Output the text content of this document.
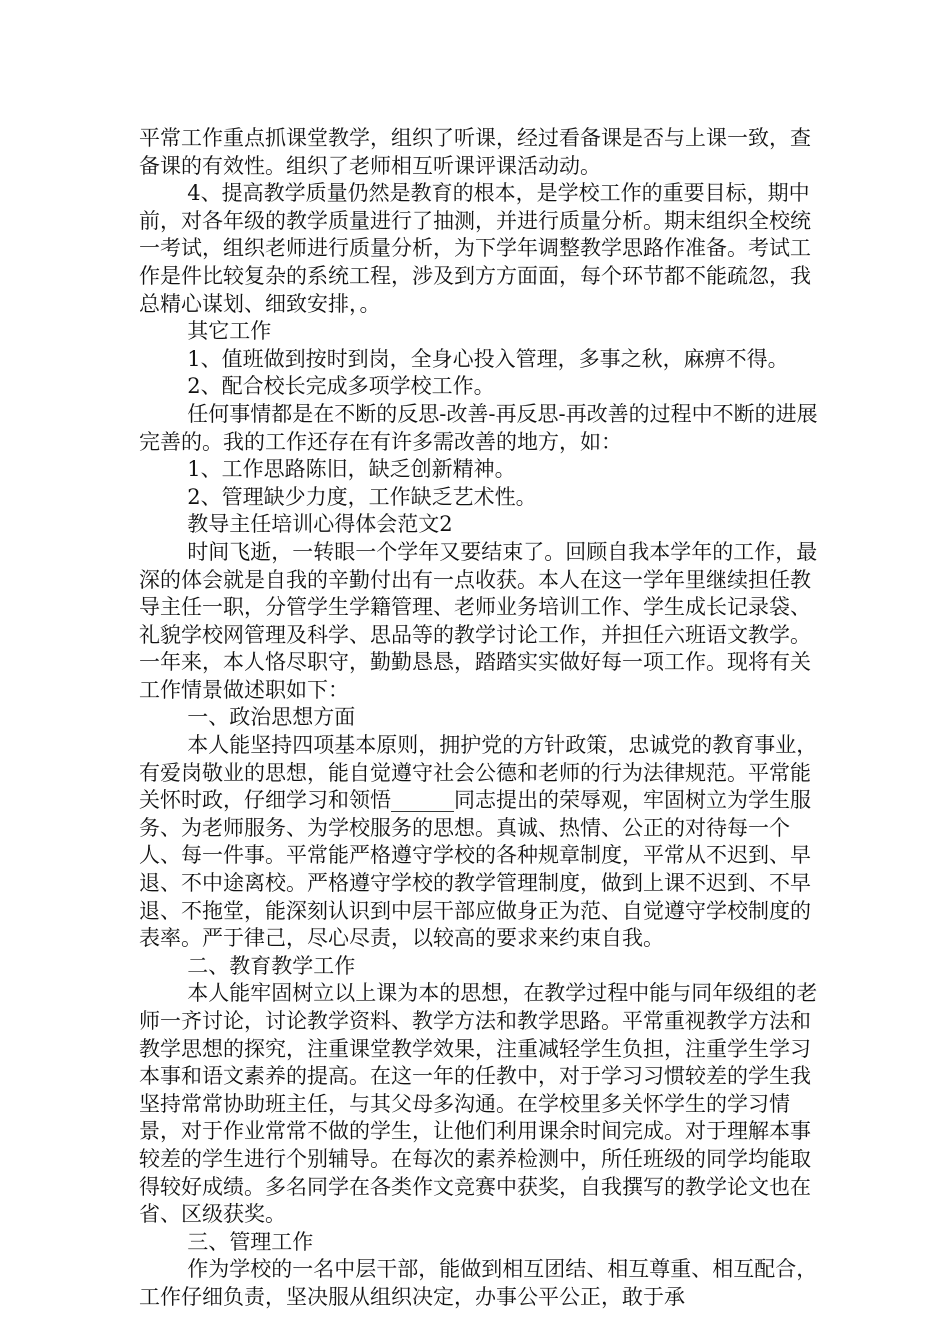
平常工作重点抓课堂教学，组织了听课，经过看备课是否与上课一致，查备课的有效性。组织了老师相互听课评课活动动。

4、提高教学质量仍然是教育的根本，是学校工作的重要目标，期中前，对各年级的教学质量进行了抽测，并进行质量分析。期末组织全校统一考试，组织老师进行质量分析，为下学年调整教学思路作准备。考试工作是件比较复杂的系统工程，涉及到方方面面，每个环节都不能疏忽，我总精心谋划、细致安排，。

其它工作

1、值班做到按时到岗，全身心投入管理，多事之秋，麻痹不得。

2、配合校长完成多项学校工作。

任何事情都是在不断的反思-改善-再反思-再改善的过程中不断的进展完善的。我的工作还存在有许多需改善的地方，如：

1、工作思路陈旧，缺乏创新精神。

2、管理缺少力度，工作缺乏艺术性。

教导主任培训心得体会范文2

时间飞逝，一转眼一个学年又要结束了。回顾自我本学年的工作，最深的体会就是自我的辛勤付出有一点收获。本人在这一学年里继续担任教导主任一职，分管学生学籍管理、老师业务培训工作、学生成长记录袋、礼貌学校网管理及科学、思品等的教学讨论工作，并担任六班语文教学。一年来，本人恪尽职守，勤勤恳恳，踏踏实实做好每一项工作。现将有关工作情景做述职如下：

一、政治思想方面

本人能坚持四项基本原则，拥护党的方针政策，忠诚党的教育事业，有爱岗敬业的思想，能自觉遵守社会公德和老师的行为法律规范。平常能关怀时政，仔细学习和领悟______同志提出的荣辱观，牢固树立为学生服务、为老师服务、为学校服务的思想。真诚、热情、公正的对待每一个人、每一件事。平常能严格遵守学校的各种规章制度，平常从不迟到、早退、不中途离校。严格遵守学校的教学管理制度，做到上课不迟到、不早退、不拖堂，能深刻认识到中层干部应做身正为范、自觉遵守学校制度的表率。严于律己，尽心尽责，以较高的要求来约束自我。

二、教育教学工作

本人能牢固树立以上课为本的思想，在教学过程中能与同年级组的老师一齐讨论，讨论教学资料、教学方法和教学思路。平常重视教学方法和教学思想的探究，注重课堂教学效果，注重减轻学生负担，注重学生学习本事和语文素养的提高。在这一年的任教中，对于学习习惯较差的学生我坚持常常协助班主任，与其父母多沟通。在学校里多关怀学生的学习情景，对于作业常常不做的学生，让他们利用课余时间完成。对于理解本事较差的学生进行个别辅导。在每次的素养检测中，所任班级的同学均能取得较好成绩。多名同学在各类作文竞赛中获奖，自我撰写的教学论文也在省、区级获奖。

三、管理工作

作为学校的一名中层干部，能做到相互团结、相互尊重、相互配合，工作仔细负责，坚决服从组织决定，办事公平公正，敢于承
